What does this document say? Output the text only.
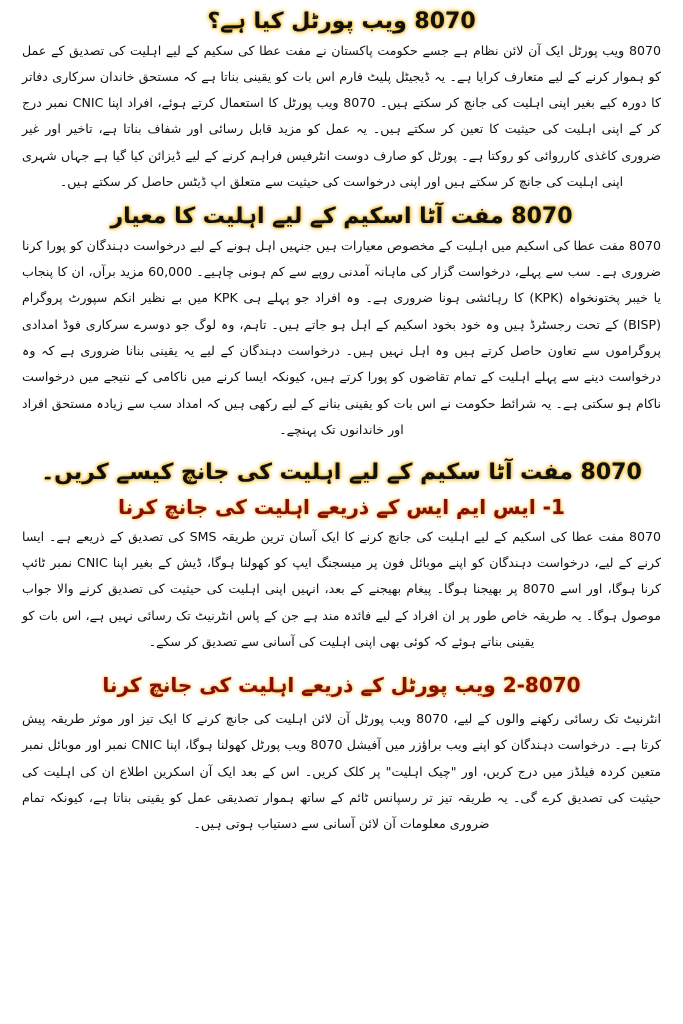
8070 ویب پورٹل کیا ہے؟

8070 ویب پورٹل ایک آن لائن نظام ہے جسے حکومت پاکستان نے مفت عطا کی سکیم کے لیے اہلیت کی تصدیق کے عمل کو ہموار کرنے کے لیے متعارف کرایا ہے۔ یہ ڈیجیٹل پلیٹ فارم اس بات کو یقینی بناتا ہے کہ مستحق خاندان سرکاری دفاتر کا دورہ کیے بغیر اپنی اہلیت کی جانچ کر سکتے ہیں۔ 8070 ویب پورٹل کا استعمال کرتے ہوئے، افراد اپنا CNIC نمبر درج کر کے اپنی اہلیت کی حیثیت کا تعین کر سکتے ہیں۔ یہ عمل کو مزید قابل رسائی اور شفاف بناتا ہے، تاخیر اور غیر ضروری کاغذی کارروائی کو روکتا ہے۔ پورٹل کو صارف دوست انٹرفیس فراہم کرنے کے لیے ڈیزائن کیا گیا ہے جہاں شہری اپنی اہلیت کی جانچ کر سکتے ہیں اور اپنی درخواست کی حیثیت سے متعلق اپ ڈیٹس حاصل کر سکتے ہیں۔

8070 مفت آٹا اسکیم کے لیے اہلیت کا معیار

8070 مفت عطا کی اسکیم میں اہلیت کے مخصوص معیارات ہیں جنہیں اہل ہونے کے لیے درخواست دہندگان کو پورا کرنا ضروری ہے۔ سب سے پہلے، درخواست گزار کی ماہانہ آمدنی روپے سے کم ہونی چاہیے۔ 60,000 مزید برآں، ان کا پنجاب یا خیبر پختونخواہ (KPK) کا رہائشی ہونا ضروری ہے۔ وہ افراد جو پہلے ہی KPK میں بے نظیر انکم سپورٹ پروگرام (BISP) کے تحت رجسٹرڈ ہیں وہ خود بخود اسکیم کے اہل ہو جاتے ہیں۔ تاہم، وہ لوگ جو دوسرے سرکاری فوڈ امدادی پروگراموں سے تعاون حاصل کرتے ہیں وہ اہل نہیں ہیں۔ درخواست دہندگان کے لیے یہ یقینی بنانا ضروری ہے کہ وہ درخواست دینے سے پہلے اہلیت کے تمام تقاضوں کو پورا کرتے ہیں، کیونکہ ایسا کرنے میں ناکامی کے نتیجے میں درخواست ناکام ہو سکتی ہے۔ یہ شرائط حکومت نے اس بات کو یقینی بنانے کے لیے رکھی ہیں کہ امداد سب سے زیادہ مستحق افراد اور خاندانوں تک پہنچے۔

8070 مفت آٹا سکیم کے لیے اہلیت کی جانچ کیسے کریں۔
1- ایس ایم ایس کے ذریعے اہلیت کی جانچ کرنا

8070 مفت عطا کی اسکیم کے لیے اہلیت کی جانچ کرنے کا ایک آسان ترین طریقہ SMS کی تصدیق کے ذریعے ہے۔ ایسا کرنے کے لیے، درخواست دہندگان کو اپنے موبائل فون پر میسجنگ ایپ کو کھولنا ہوگا، ڈیش کے بغیر اپنا CNIC نمبر ٹائپ کرنا ہوگا، اور اسے 8070 پر بھیجنا ہوگا۔ پیغام بھیجنے کے بعد، انہیں اپنی اہلیت کی حیثیت کی تصدیق کرنے والا جواب موصول ہوگا۔ یہ طریقہ خاص طور پر ان افراد کے لیے فائدہ مند ہے جن کے پاس انٹرنیٹ تک رسائی نہیں ہے، اس بات کو یقینی بناتے ہوئے کہ کوئی بھی اپنی اہلیت کی آسانی سے تصدیق کر سکے۔

2-8070 ویب پورٹل کے ذریعے اہلیت کی جانچ کرنا

انٹرنیٹ تک رسائی رکھنے والوں کے لیے، 8070 ویب پورٹل آن لائن اہلیت کی جانچ کرنے کا ایک تیز اور موثر طریقہ پیش کرتا ہے۔ درخواست دہندگان کو اپنے ویب براؤزر میں آفیشل 8070 ویب پورٹل کھولنا ہوگا، اپنا CNIC نمبر اور موبائل نمبر متعین کردہ فیلڈز میں درج کریں، اور "چیک اہلیت" پر کلک کریں۔ اس کے بعد ایک آن اسکرین اطلاع ان کی اہلیت کی حیثیت کی تصدیق کرے گی۔ یہ طریقہ تیز تر رسپانس ٹائم کے ساتھ ہموار تصدیقی عمل کو یقینی بناتا ہے، کیونکہ تمام ضروری معلومات آن لائن آسانی سے دستیاب ہوتی ہیں۔
